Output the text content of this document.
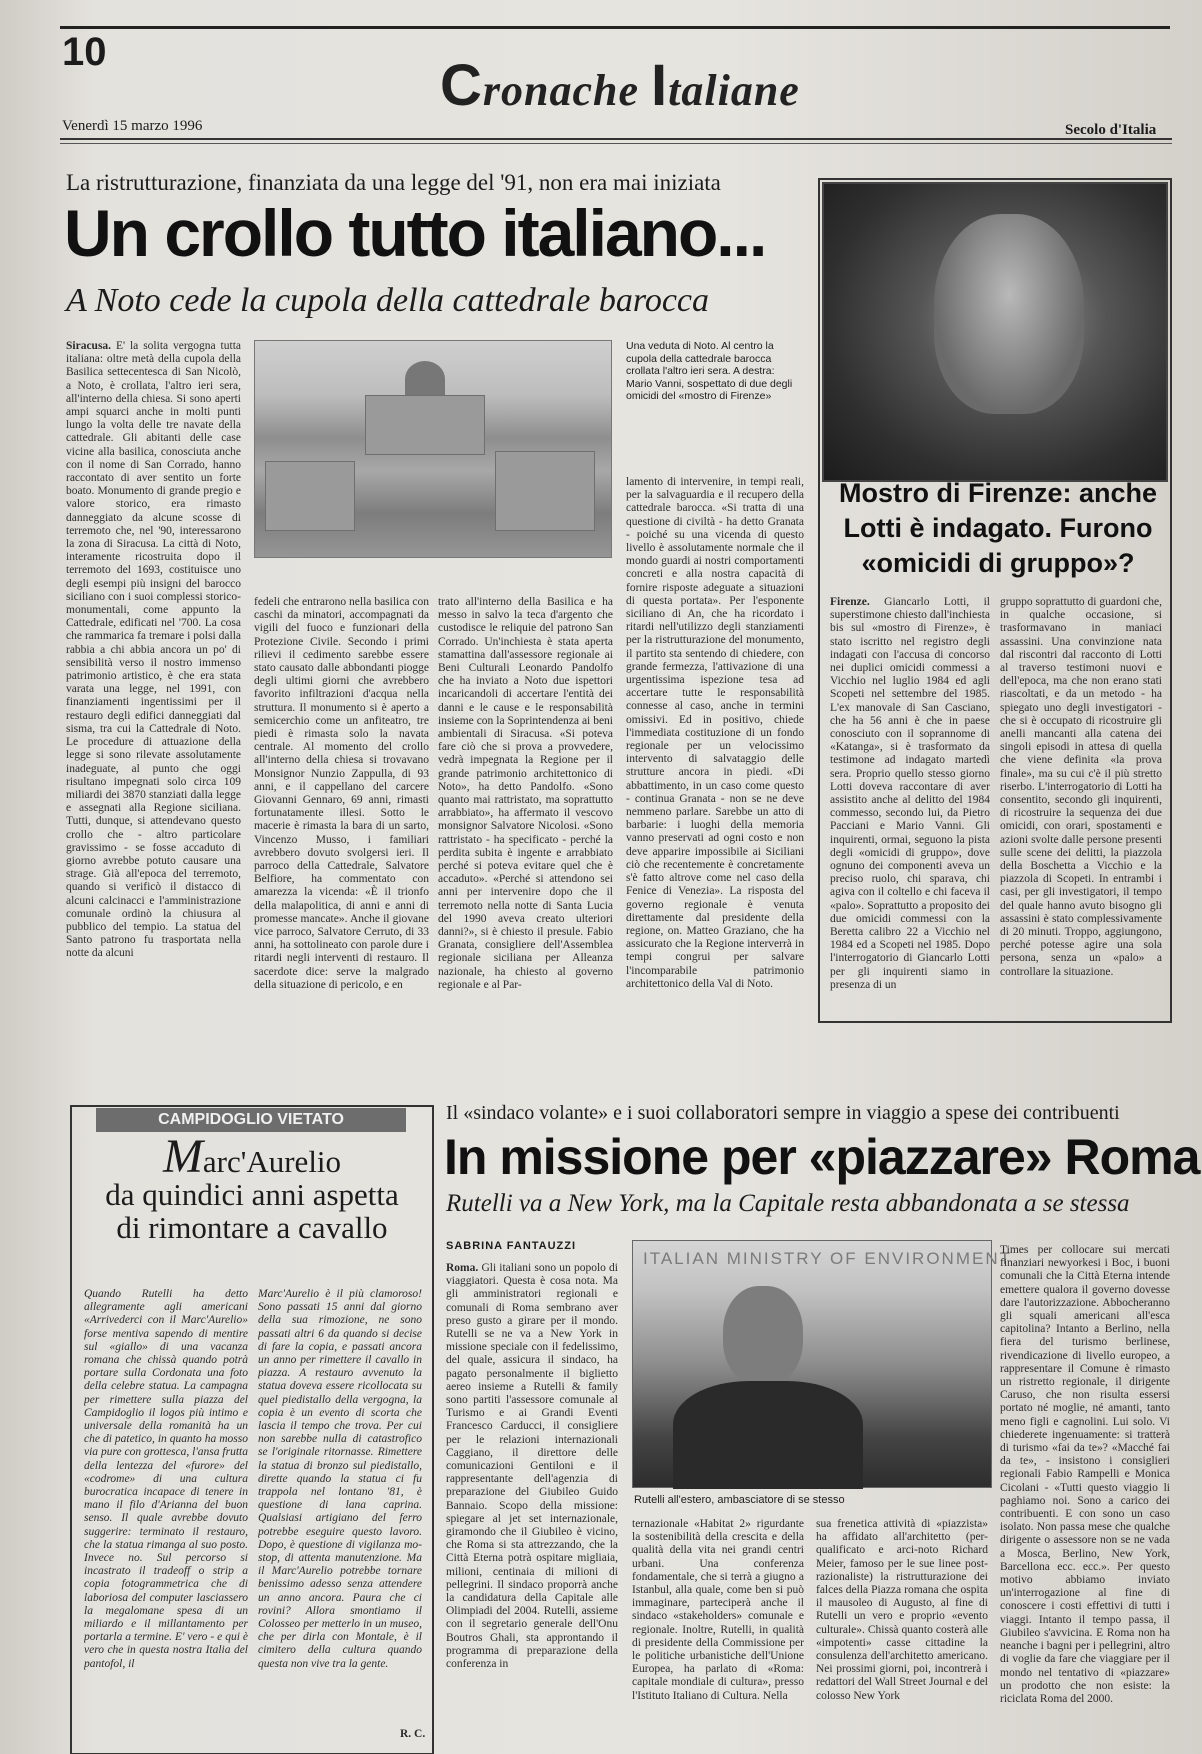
10
Cronache Italiane
Venerdì 15 marzo 1996	Secolo d'Italia
La ristrutturazione, finanziata da una legge del '91, non era mai iniziata
Un crollo tutto italiano...
A Noto cede la cupola della cattedrale barocca
Siracusa. E' la solita vergogna tutta italiana: oltre metà della cupola della Basilica settecentesca di San Nicolò, a Noto, è crollata, l'altro ieri sera, all'interno della chiesa. Si sono aperti ampi squarci anche in molti punti lungo la volta delle tre navate della cattedrale. Gli abitanti delle case vicine alla basilica, conosciuta anche con il nome di San Corrado, hanno raccontato di aver sentito un forte boato. Monumento di grande pregio e valore storico, era rimasto danneggiato da alcune scosse di terremoto che, nel '90, interessarono la zona di Siracusa. La città di Noto, interamente ricostruita dopo il terremoto del 1693, costituisce uno degli esempi più insigni del barocco siciliano con i suoi complessi storico-monumentali, come appunto la Cattedrale, edificati nel '700. La cosa che rammarica fa tremare i polsi dalla rabbia a chi abbia ancora un po' di sensibilità verso il nostro immenso patrimonio artistico, è che era stata varata una legge, nel 1991, con finanziamenti ingentissimi per il restauro degli edifici danneggiati dal sisma, tra cui la Cattedrale di Noto. Le procedure di attuazione della legge si sono rilevate assolutamente inadeguate, al punto che oggi risultano impegnati solo circa 109 miliardi dei 3870 stanziati dalla legge e assegnati alla Regione siciliana. Tutti, dunque, si attendevano questo crollo che - altro particolare gravissimo - se fosse accaduto di giorno avrebbe potuto causare una strage. Già all'epoca del terremoto, quando si verificò il distacco di alcuni calcinacci e l'amministrazione comunale ordinò la chiusura al pubblico del tempio. La statua del Santo patrono fu trasportata nella notte da alcuni
Una veduta di Noto. Al centro la cupola della cattedrale barocca crollata l'altro ieri sera. A destra: Mario Vanni, sospettato di due degli omicidi del «mostro di Firenze»
fedeli che entrarono nella basilica con caschi da minatori, accompagnati da vigili del fuoco e funzionari della Protezione Civile. Secondo i primi rilievi il cedimento sarebbe essere stato causato dalle abbondanti piogge degli ultimi giorni che avrebbero favorito infiltrazioni d'acqua nella struttura. Il monumento si è aperto a semicerchio come un anfiteatro, tre piedi è rimasta solo la navata centrale. Al momento del crollo all'interno della chiesa si trovavano Monsignor Nunzio Zappulla, di 93 anni, e il cappellano del carcere Giovanni Gennaro, 69 anni, rimasti fortunatamente illesi. Sotto le macerie è rimasta la bara di un sarto, Vincenzo Musso, i familiari avrebbero dovuto svolgersi ieri. Il parroco della Cattedrale, Salvatore Belfiore, ha commentato con amarezza la vicenda: «È il trionfo della malapolitica, di anni e anni di promesse mancate». Anche il giovane vice parroco, Salvatore Cerruto, di 33 anni, ha sottolineato con parole dure i ritardi negli interventi di restauro. Il sacerdote dice: serve la malgrado della situazione di pericolo, e en
trato all'interno della Basilica e ha messo in salvo la teca d'argento che custodisce le reliquie del patrono San Corrado. Un'inchiesta è stata aperta stamattina dall'assessore regionale ai Beni Culturali Leonardo Pandolfo che ha inviato a Noto due ispettori incaricandoli di accertare l'entità dei danni e le cause e le responsabilità insieme con la Soprintendenza ai beni ambientali di Siracusa. «Si poteva fare ciò che si prova a provvedere, vedrà impegnata la Regione per il grande patrimonio architettonico di Noto», ha detto Pandolfo. «Sono quanto mai rattristato, ma soprattutto arrabbiato», ha affermato il vescovo monsignor Salvatore Nicolosi. «Sono rattristato - ha specificato - perché la perdita subita è ingente e arrabbiato perché si poteva evitare quel che è accaduto». «Perché si attendono sei anni per intervenire dopo che il terremoto nella notte di Santa Lucia del 1990 aveva creato ulteriori danni?», si è chiesto il presule. Fabio Granata, consigliere dell'Assemblea regionale siciliana per Alleanza nazionale, ha chiesto al governo regionale e al Par-
lamento di intervenire, in tempi reali, per la salvaguardia e il recupero della cattedrale barocca. «Si tratta di una questione di civiltà - ha detto Granata - poiché su una vicenda di questo livello è assolutamente normale che il mondo guardi ai nostri comportamenti concreti e alla nostra capacità di fornire risposte adeguate a situazioni di questa portata». Per l'esponente siciliano di An, che ha ricordato i ritardi nell'utilizzo degli stanziamenti per la ristrutturazione del monumento, il partito sta sentendo di chiedere, con grande fermezza, l'attivazione di una urgentissima ispezione tesa ad accertare tutte le responsabilità connesse al caso, anche in termini omissivi. Ed in positivo, chiede l'immediata costituzione di un fondo regionale per un velocissimo intervento di salvataggio delle strutture ancora in piedi. «Di abbattimento, in un caso come questo - continua Granata - non se ne deve nemmeno parlare. Sarebbe un atto di barbarie: i luoghi della memoria vanno preservati ad ogni costo e non deve apparire impossibile ai Siciliani ciò che recentemente è concretamente s'è fatto altrove come nel caso della Fenice di Venezia». La risposta del governo regionale è venuta direttamente dal presidente della regione, on. Matteo Graziano, che ha assicurato che la Regione interverrà in tempi congrui per salvare l'incomparabile patrimonio architettonico della Val di Noto.
Mostro di Firenze: anche Lotti è indagato. Furono «omicidi di gruppo»?
Firenze. Giancarlo Lotti, il superstimone chiesto dall'inchiesta bis sul «mostro di Firenze», è stato iscritto nel registro degli indagati con l'accusa di concorso nei duplici omicidi commessi a Vicchio nel luglio 1984 ed agli Scopeti nel settembre del 1985. L'ex manovale di San Casciano, che ha 56 anni è che in paese conosciuto con il soprannome di «Katanga», si è trasformato da testimone ad indagato martedì sera. Proprio quello stesso giorno Lotti doveva raccontare di aver assistito anche al delitto del 1984 commesso, secondo lui, da Pietro Pacciani e Mario Vanni. Gli inquirenti, ormai, seguono la pista degli «omicidi di gruppo», dove ognuno dei componenti aveva un preciso ruolo, chi sparava, chi agiva con il coltello e chi faceva il «palo». Soprattutto a proposito dei due omicidi commessi con la Beretta calibro 22 a Vicchio nel 1984 ed a Scopeti nel 1985. Dopo l'interrogatorio di Giancarlo Lotti per gli inquirenti siamo in presenza di un
gruppo soprattutto di guardoni che, in qualche occasione, si trasformavano in maniaci assassini. Una convinzione nata dal riscontri dal racconto di Lotti al traverso testimoni nuovi e dell'epoca, ma che non erano stati riascoltati, e da un metodo - ha spiegato uno degli investigatori - che si è occupato di ricostruire gli anelli mancanti alla catena dei singoli episodi in attesa di quella che viene definita «la prova finale», ma su cui c'è il più stretto riserbo. L'interrogatorio di Lotti ha consentito, secondo gli inquirenti, di ricostruire la sequenza dei due omicidi, con orari, spostamenti e azioni svolte dalle persone presenti sulle scene dei delitti, la piazzola della Boschetta a Vicchio e la piazzola di Scopeti. In entrambi i casi, per gli investigatori, il tempo del quale hanno avuto bisogno gli assassini è stato complessivamente di 20 minuti. Troppo, aggiungono, perché potesse agire una sola persona, senza un «palo» a controllare la situazione.
CAMPIDOGLIO VIETATO
Marc'Aurelio
da quindici anni aspetta
di rimontare a cavallo
Quando Rutelli ha detto allegramente agli americani «Arrivederci con il Marc'Aurelio» forse mentiva sapendo di mentire sul «giallo» di una vacanza romana che chissà quando potrà portare sulla Cordonata una foto della celebre statua. La campagna per rimettere sulla piazza del Campidoglio il logos più intimo e universale della romanità ha un che di patetico, in quanto ha mosso via pure con grottesca, l'ansa frutta della lentezza del «furore» del «codrome» di una cultura burocratica incapace di tenere in mano il filo d'Arianna del buon senso. Il quale avrebbe dovuto suggerire: terminato il restauro, che la statua rimanga al suo posto. Invece no. Sul percorso si incastrato il tradeoff o strip a copia fotogrammetrica che di laboriosa del computer lasciassero la megalomane spesa di un miliardo e il millantamento per portarla a termine. E' vero - e qui è vero che in questa nostra Italia del pantofol, il
Marc'Aurelio è il più clamoroso! Sono passati 15 anni dal giorno della sua rimozione, ne sono passati altri 6 da quando si decise di fare la copia, e passati ancora un anno per rimettere il cavallo in piazza. A restauro avvenuto la statua doveva essere ricollocata su quel piedistallo della vergogna, la copia è un evento di scorta che lascia il tempo che trova. Per cui non sarebbe nulla di catastrofico se l'originale ritornasse. Rimettere la statua di bronzo sul piedistallo, dirette quando la statua ci fu trappola nel lontano '81, è questione di lana caprina. Qualsiasi artigiano del ferro potrebbe eseguire questo lavoro. Dopo, è questione di vigilanza mo-stop, di attenta manutenzione. Ma il Marc'Aurelio potrebbe tornare benissimo adesso senza attendere un anno ancora. Paura che ci rovini? Allora smontiamo il Colosseo per metterlo in un museo, che per dirla con Montale, è il cimitero della cultura quando questa non vive tra la gente.
R. C.
Il «sindaco volante» e i suoi collaboratori sempre in viaggio a spese dei contribuenti
In missione per «piazzare» Roma
Rutelli va a New York, ma la Capitale resta abbandonata a se stessa
SABRINA FANTAUZZI
Roma. Gli italiani sono un popolo di viaggiatori. Questa è cosa nota. Ma gli amministratori regionali e comunali di Roma sembrano aver preso gusto a girare per il mondo. Rutelli se ne va a New York in missione speciale con il fedelissimo, del quale, assicura il sindaco, ha pagato personalmente il biglietto aereo insieme a Rutelli & family sono partiti l'assessore comunale al Turismo e ai Grandi Eventi Francesco Carducci, il consigliere per le relazioni internazionali Caggiano, il direttore delle comunicazioni Gentiloni e il rappresentante dell'agenzia di preparazione del Giubileo Guido Bannaio. Scopo della missione: spiegare al jet set internazionale, giramondo che il Giubileo è vicino, che Roma si sta attrezzando, che la Città Eterna potrà ospitare migliaia, milioni, centinaia di milioni di pellegrini. Il sindaco proporrà anche la candidatura della Capitale alle Olimpiadi del 2004. Rutelli, assieme con il segretario generale dell'Onu Boutros Ghali, sta approntando il programma di preparazione della conferenza in
ITALIAN MINISTRY OF ENVIRONMENT
Rutelli all'estero, ambasciatore di se stesso
ternazionale «Habitat 2» rigurdante la sostenibilità della crescita e della qualità della vita nei grandi centri urbani. Una conferenza fondamentale, che si terrà a giugno a Istanbul, alla quale, come ben si può immaginare, parteciperà anche il sindaco «stakeholders» comunale e regionale. Inoltre, Rutelli, in qualità di presidente della Commissione per le politiche urbanistiche dell'Unione Europea, ha parlato di «Roma: capitale mondiale di cultura», presso l'Istituto Italiano di Cultura. Nella
sua frenetica attività di «piazzista» ha affidato all'architetto (per-qualificato e arci-noto Richard Meier, famoso per le sue linee post-razionaliste) la ristrutturazione dei falces della Piazza romana che ospita il mausoleo di Augusto, al fine di Rutelli un vero e proprio «evento culturale». Chissà quanto costerà alle «impotenti» casse cittadine la consulenza dell'architetto americano. Nei prossimi giorni, poi, incontrerà i redattori del Wall Street Journal e del colosso New York
Times per collocare sui mercati finanziari newyorkesi i Boc, i buoni comunali che la Città Eterna intende emettere qualora il governo dovesse dare l'autorizzazione. Abbocheranno gli squali americani all'esca capitolina? Intanto a Berlino, nella fiera del turismo berlinese, rivendicazione di livello europeo, a rappresentare il Comune è rimasto un ristretto regionale, il dirigente Caruso, che non risulta essersi portato né moglie, né amanti, tanto meno figli e cagnolini. Lui solo. Vi chiederete ingenuamente: si tratterà di turismo «fai da te»? «Macché fai da te», - insistono i consiglieri regionali Fabio Rampelli e Monica Cicolani - «Tutti questo viaggio li paghiamo noi. Sono a carico dei contribuenti. E con sono un caso isolato. Non passa mese che qualche dirigente o assessore non se ne vada a Mosca, Berlino, New York, Barcellona ecc. ecc.». Per questo motivo abbiamo inviato un'interrogazione al fine di conoscere i costi effettivi di tutti i viaggi. Intanto il tempo passa, il Giubileo s'avvicina. E Roma non ha neanche i bagni per i pellegrini, altro di voglie da fare che viaggiare per il mondo nel tentativo di «piazzare» un prodotto che non esiste: la riciclata Roma del 2000.
